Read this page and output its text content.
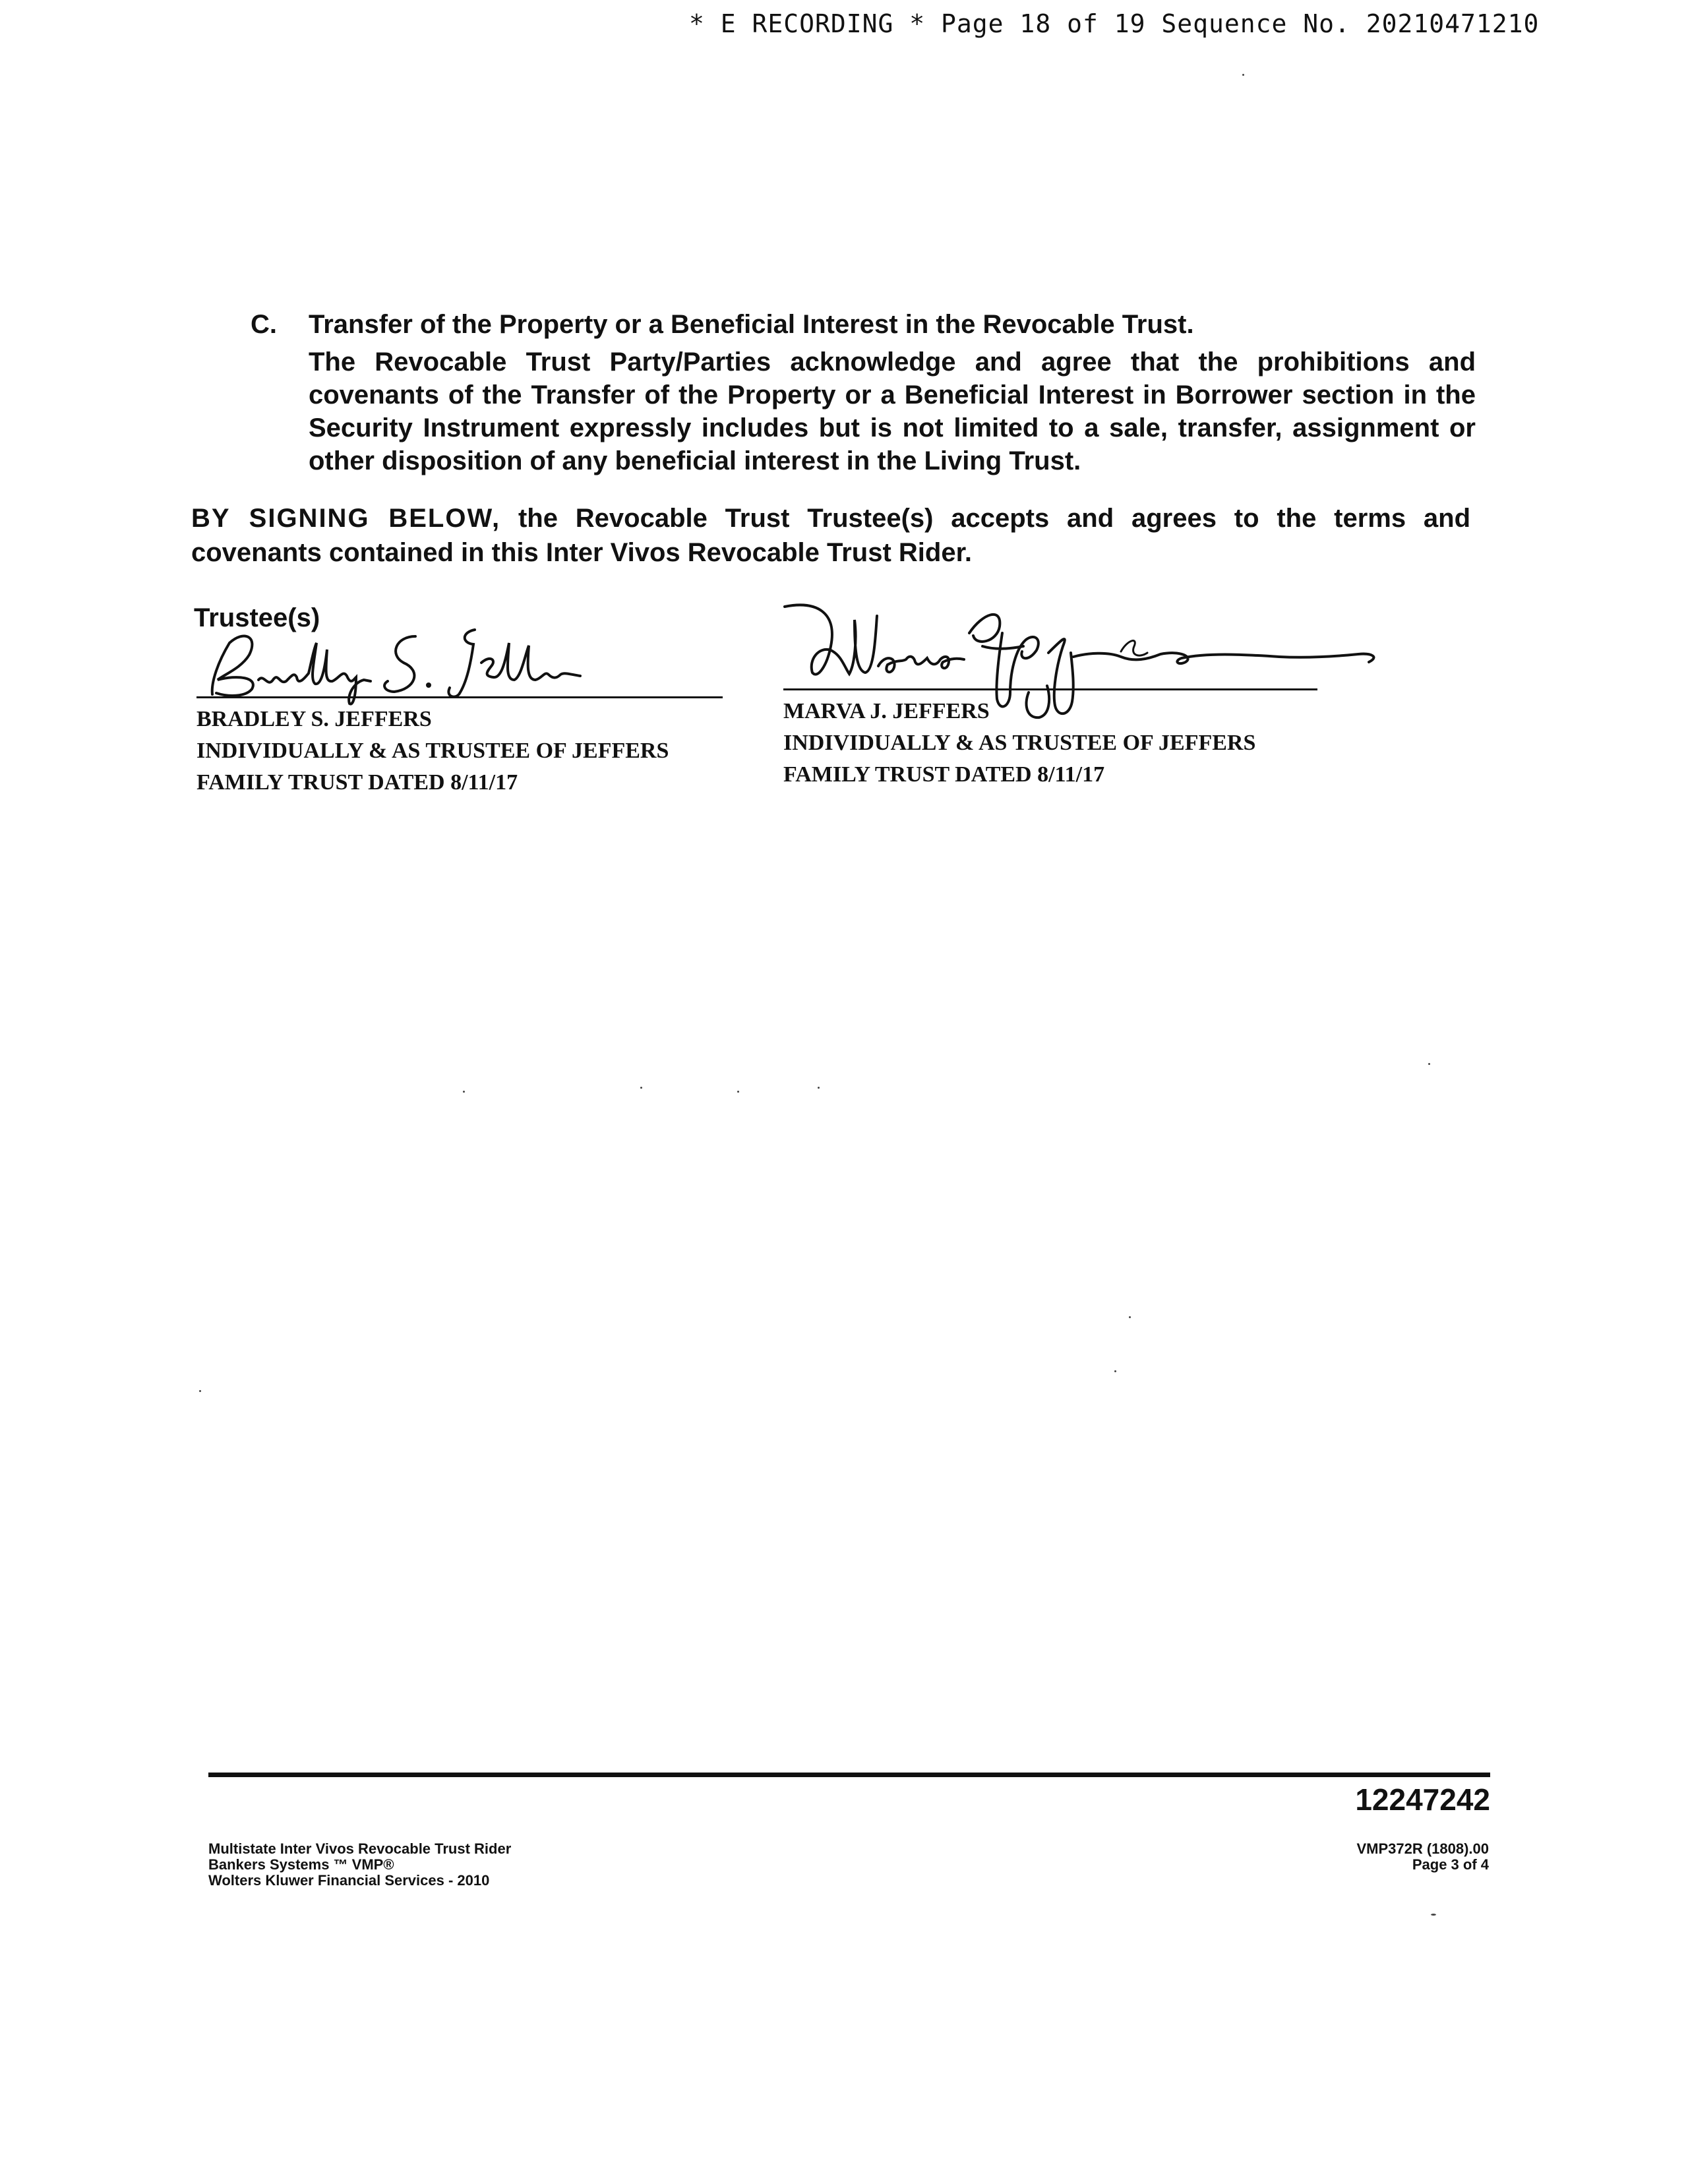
* E RECORDING * Page 18 of 19 Sequence No. 20210471210
C. Transfer of the Property or a Beneficial Interest in the Revocable Trust.
The Revocable Trust Party/Parties acknowledge and agree that the prohibitions and covenants of the Transfer of the Property or a Beneficial Interest in Borrower section in the Security Instrument expressly includes but is not limited to a sale, transfer, assignment or other disposition of any beneficial interest in the Living Trust.
BY SIGNING BELOW, the Revocable Trust Trustee(s) accepts and agrees to the terms and covenants contained in this Inter Vivos Revocable Trust Rider.
Trustee(s)
BRADLEY S. JEFFERS
INDIVIDUALLY & AS TRUSTEE OF JEFFERS
FAMILY TRUST DATED 8/11/17
MARVA J. JEFFERS
INDIVIDUALLY & AS TRUSTEE OF JEFFERS
FAMILY TRUST DATED 8/11/17
12247242
Multistate Inter Vivos Revocable Trust Rider
Bankers Systems ™ VMP®
Wolters Kluwer Financial Services - 2010
VMP372R (1808).00
Page 3 of 4
